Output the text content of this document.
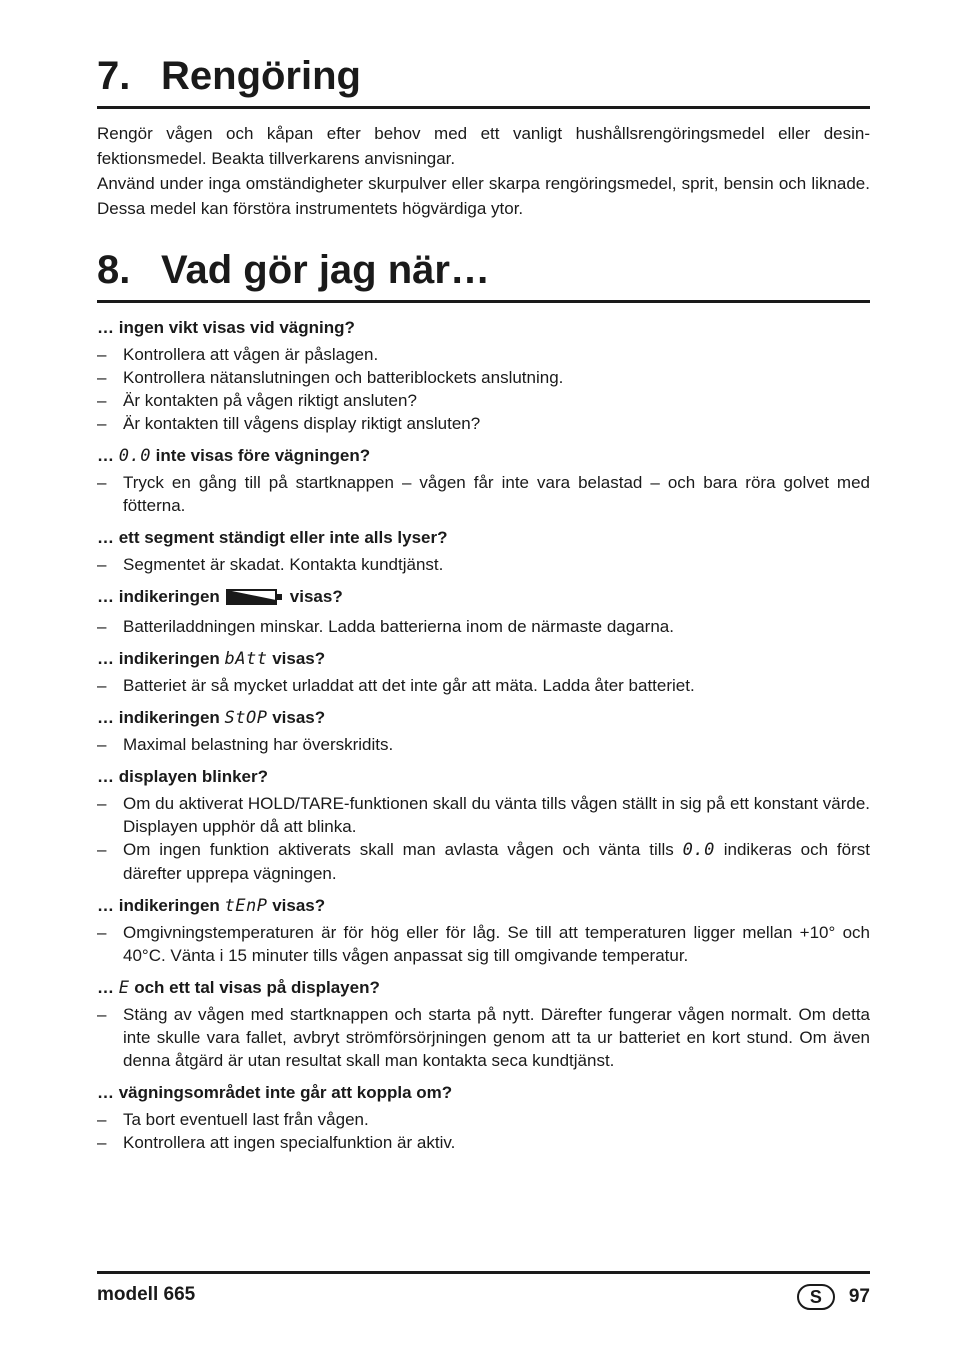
7. Rengöring

Rengör vågen och kåpan efter behov med ett vanligt hushållsrengöringsmedel eller desin-fektionsmedel. Beakta tillverkarens anvisningar.

Använd under inga omständigheter skurpulver eller skarpa rengöringsmedel, sprit, bensin och liknade. Dessa medel kan förstöra instrumentets högvärdiga ytor.

8. Vad gör jag när…

… ingen vikt visas vid vägning?

– Kontrollera att vågen är påslagen.

– Kontrollera nätanslutningen och batteriblockets anslutning.

– Är kontakten på vågen riktigt ansluten?

– Är kontakten till vågens display riktigt ansluten?

… 0.0 inte visas före vägningen?

– Tryck en gång till på startknappen – vågen får inte vara belastad – och bara röra golvet med fötterna.

… ett segment ständigt eller inte alls lyser?

– Segmentet är skadat. Kontakta kundtjänst.

… indikeringen	visas?

– Batteriladdningen minskar. Ladda batterierna inom de närmaste dagarna.

… indikeringen bAtt visas?

– Batteriet är så mycket urladdat att det inte går att mäta. Ladda åter batteriet.

… indikeringen StOP visas?

– Maximal belastning har överskridits.

… displayen blinker?

– Om du aktiverat HOLD/TARE-funktionen skall du vänta tills vågen ställt in sig på ett konstant värde. Displayen upphör då att blinka.

– Om ingen funktion aktiverats skall man avlasta vågen och vänta tills 0.0 indikeras och först därefter upprepa vägningen.

… indikeringen tEnP visas?

– Omgivningstemperaturen är för hög eller för låg. Se till att temperaturen ligger mellan +10° och 40°C. Vänta i 15 minuter tills vågen anpassat sig till omgivande temperatur.

… E och ett tal visas på displayen?

– Stäng av vågen med startknappen och starta på nytt. Därefter fungerar vågen normalt. Om detta inte skulle vara fallet, avbryt strömförsörjningen genom att ta ur batteriet en kort stund. Om även denna åtgärd är utan resultat skall man kontakta seca kundtjänst.

… vägningsområdet inte går att koppla om?

– Ta bort eventuell last från vågen.

– Kontrollera att ingen specialfunktion är aktiv.

modell 665	S	97
